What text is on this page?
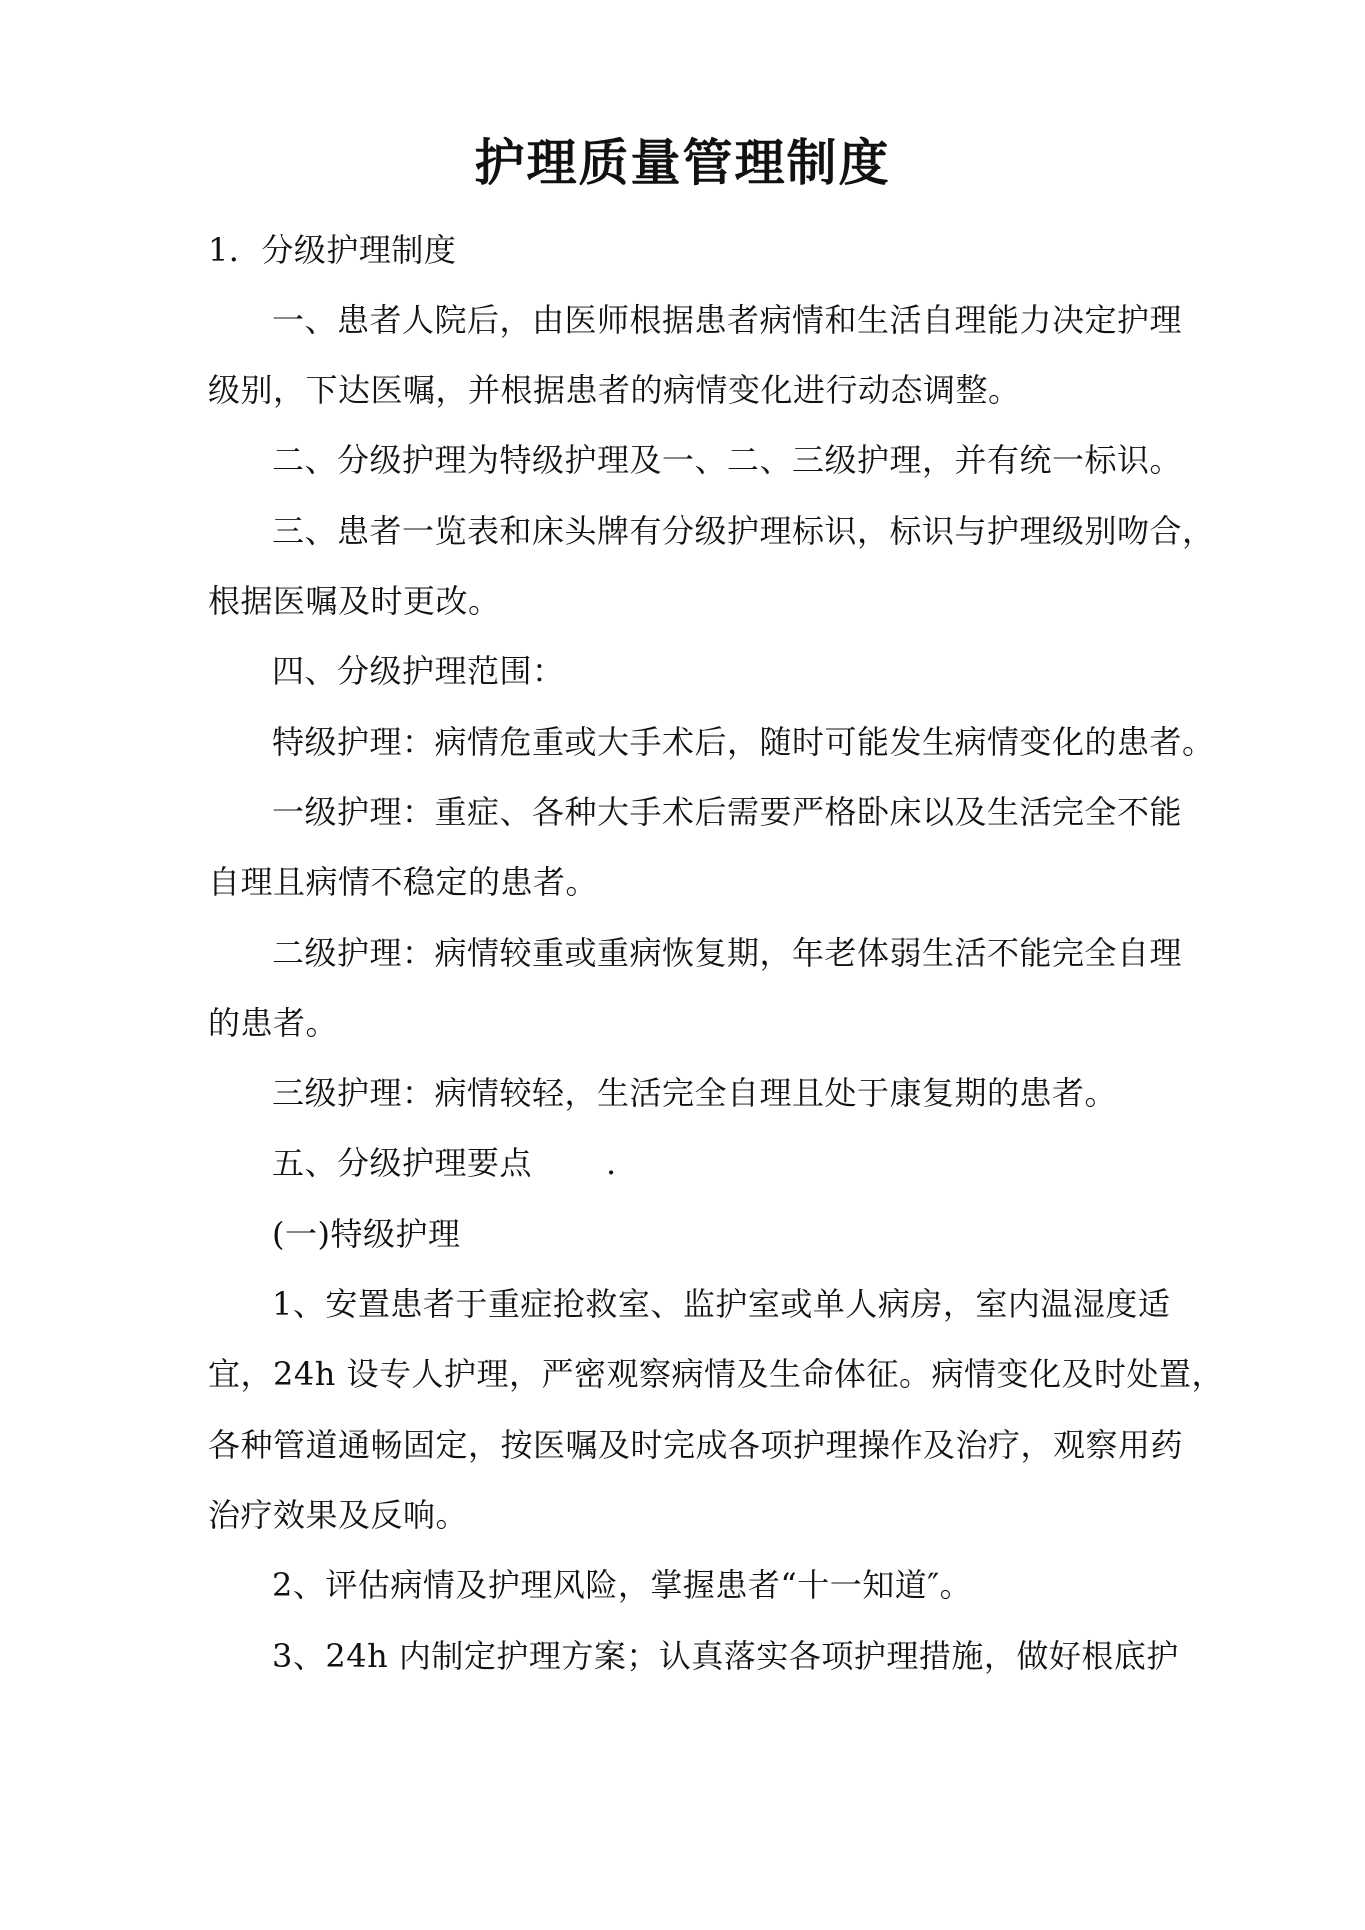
护理质量管理制度
1．分级护理制度
一、患者人院后，由医师根据患者病情和生活自理能力决定护理
级别，下达医嘱，并根据患者的病情变化进行动态调整。
二、分级护理为特级护理及一、二、三级护理，并有统一标识。
三、患者一览表和床头牌有分级护理标识，标识与护理级别吻合，
根据医嘱及时更改。
四、分级护理范围：
特级护理：病情危重或大手术后，随时可能发生病情变化的患者。
一级护理：重症、各种大手术后需要严格卧床以及生活完全不能
自理且病情不稳定的患者。
二级护理：病情较重或重病恢复期，年老体弱生活不能完全自理
的患者。
三级护理：病情较轻，生活完全自理且处于康复期的患者。
五、分级护理要点 .
(一)特级护理
1、安置患者于重症抢救室、监护室或单人病房，室内温湿度适
宜，24h 设专人护理，严密观察病情及生命体征。病情变化及时处置，
各种管道通畅固定，按医嘱及时完成各项护理操作及治疗，观察用药
治疗效果及反响。
2、评估病情及护理风险，掌握患者“十一知道″。
3、24h 内制定护理方案；认真落实各项护理措施，做好根底护
